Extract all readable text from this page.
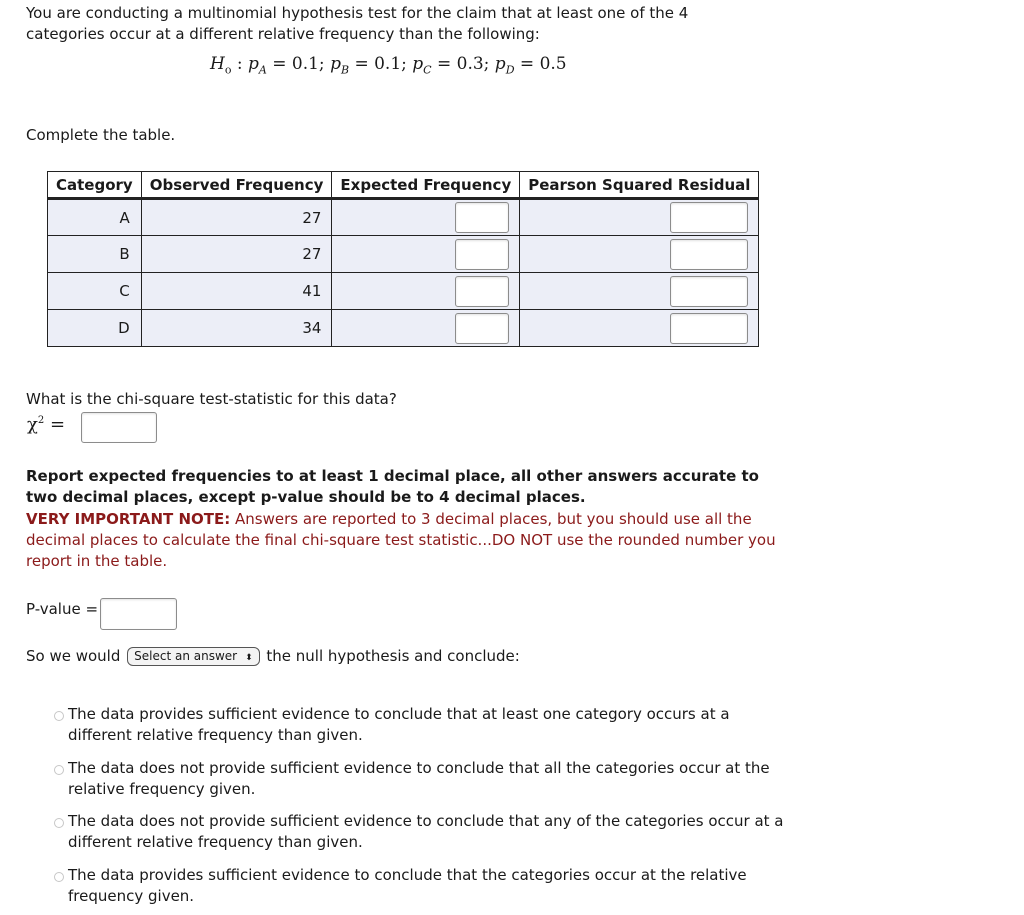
You are conducting a multinomial hypothesis test for the claim that at least one of the 4 categories occur at a different relative frequency than the following:
$H_o$ : $p_A = 0.1$; $p_B = 0.1$; $p_C = 0.3$; $p_D = 0.5$
Complete the table.
Category	Observed Frequency	Expected Frequency	Pearson Squared Residual
A	27		
B	27		
C	41		
D	34		
What is the chi-square test-statistic for this data?
$\chi^2$ =
Report expected frequencies to at least 1 decimal place, all other answers accurate to two decimal places, except p-value should be to 4 decimal places.
VERY IMPORTANT NOTE: Answers are reported to 3 decimal places, but you should use all the decimal places to calculate the final chi-square test statistic...DO NOT use the rounded number you report in the table.
P-value =
So we would Select an answer ⬍ the null hypothesis and conclude:
The data provides sufficient evidence to conclude that at least one category occurs at a different relative frequency than given.
The data does not provide sufficient evidence to conclude that all the categories occur at the relative frequency given.
The data does not provide sufficient evidence to conclude that any of the categories occur at a different relative frequency than given.
The data provides sufficient evidence to conclude that the categories occur at the relative frequency given.
